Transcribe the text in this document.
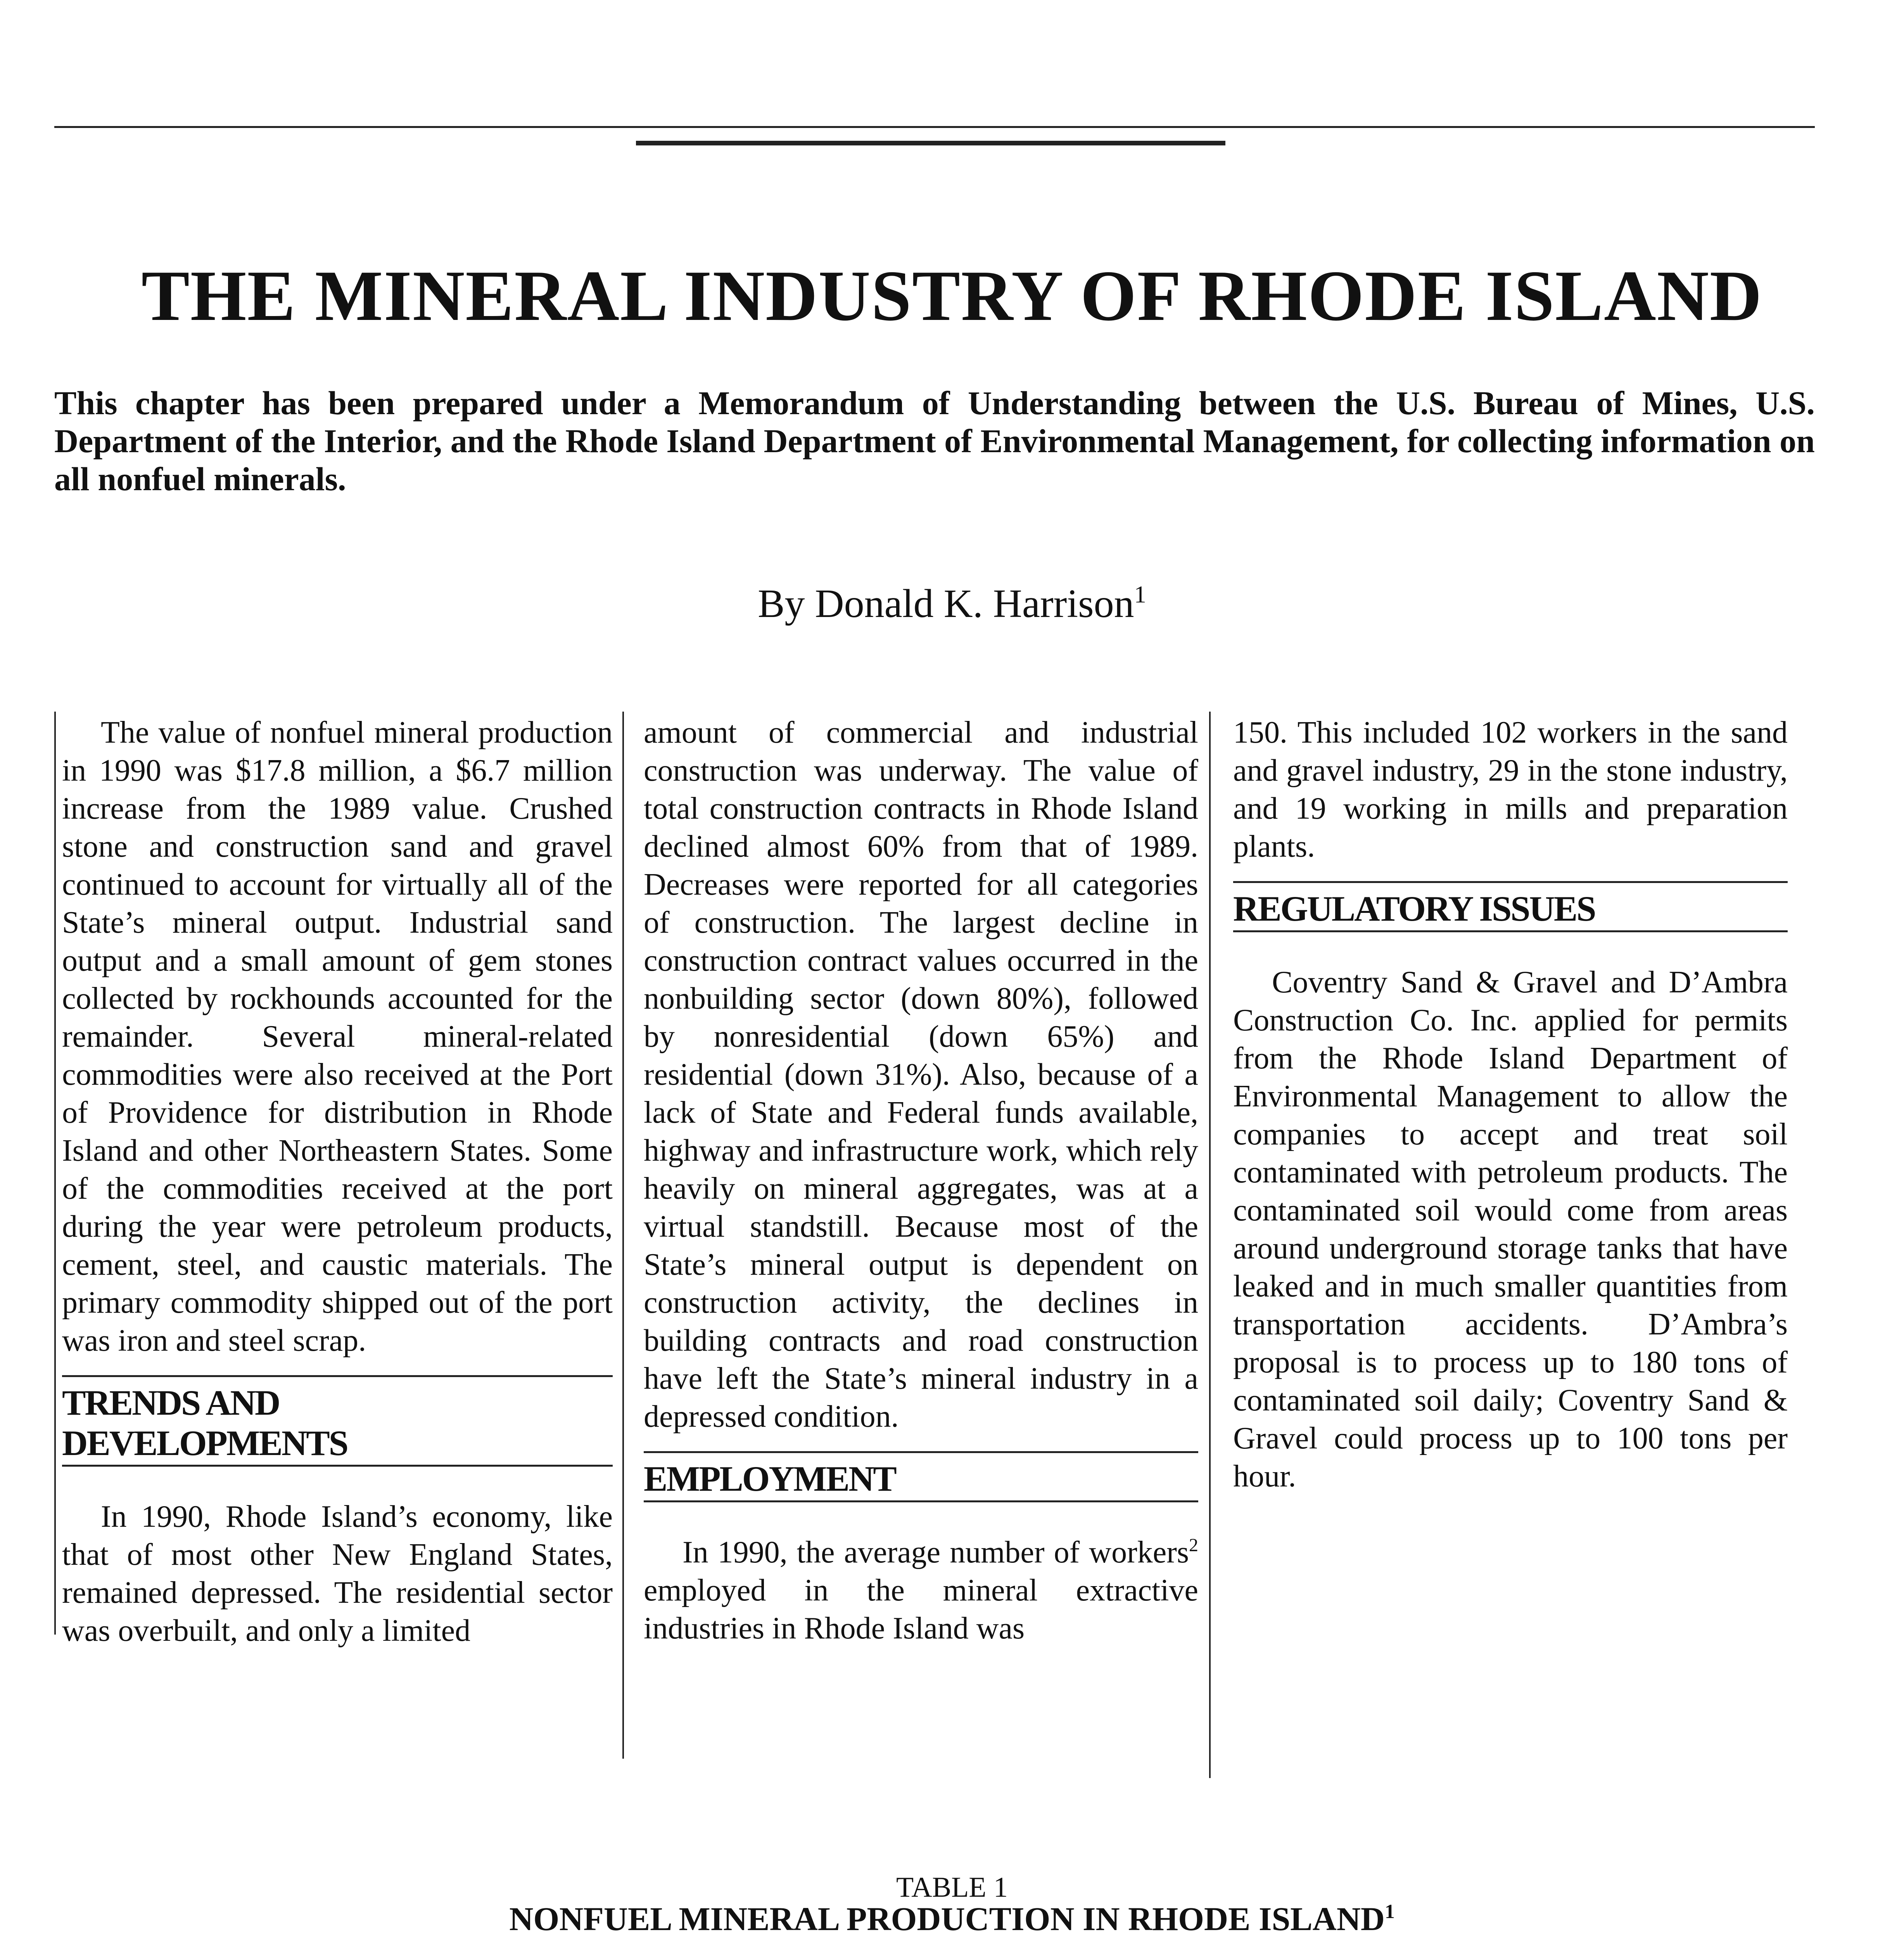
THE MINERAL INDUSTRY OF RHODE ISLAND
This chapter has been prepared under a Memorandum of Understanding between the U.S. Bureau of Mines, U.S. Department of the Interior, and the Rhode Island Department of Environmental Management, for collecting information on all nonfuel minerals.
By Donald K. Harrison$^1$

The value of nonfuel mineral production in 1990 was $17.8 million, a $6.7 million increase from the 1989 value. Crushed stone and construction sand and gravel continued to account for virtually all of the State’s mineral output. Industrial sand output and a small amount of gem stones collected by rockhounds accounted for the remainder. Several mineral-related commodities were also received at the Port of Providence for distribution in Rhode Island and other Northeastern States. Some of the commodities received at the port during the year were petroleum products, cement, steel, and caustic materials. The primary commodity shipped out of the port was iron and steel scrap.

TRENDS AND
DEVELOPMENTS

In 1990, Rhode Island’s economy, like that of most other New England States, remained depressed. The residential sector was overbuilt, and only a limited

amount of commercial and industrial construction was underway. The value of total construction contracts in Rhode Island declined almost 60% from that of 1989. Decreases were reported for all categories of construction. The largest decline in construction contract values occurred in the nonbuilding sector (down 80%), followed by nonresidential (down 65%) and residential (down 31%). Also, because of a lack of State and Federal funds available, highway and infrastructure work, which rely heavily on mineral aggregates, was at a virtual standstill. Because most of the State’s mineral output is dependent on construction activity, the declines in building contracts and road construction have left the State’s mineral industry in a depressed condition.

EMPLOYMENT

In 1990, the average number of workers$^2$ employed in the mineral extractive industries in Rhode Island was

150. This included 102 workers in the sand and gravel industry, 29 in the stone industry, and 19 working in mills and preparation plants.

REGULATORY ISSUES

Coventry Sand & Gravel and D’Ambra Construction Co. Inc. applied for permits from the Rhode Island Department of Environmental Management to allow the companies to accept and treat soil contaminated with petroleum products. The contaminated soil would come from areas around underground storage tanks that have leaked and in much smaller quantities from transportation accidents. D’Ambra’s proposal is to process up to 180 tons of contaminated soil daily; Coventry Sand & Gravel could process up to 100 tons per hour.

TABLE 1
NONFUEL MINERAL PRODUCTION IN RHODE ISLAND$^1$
